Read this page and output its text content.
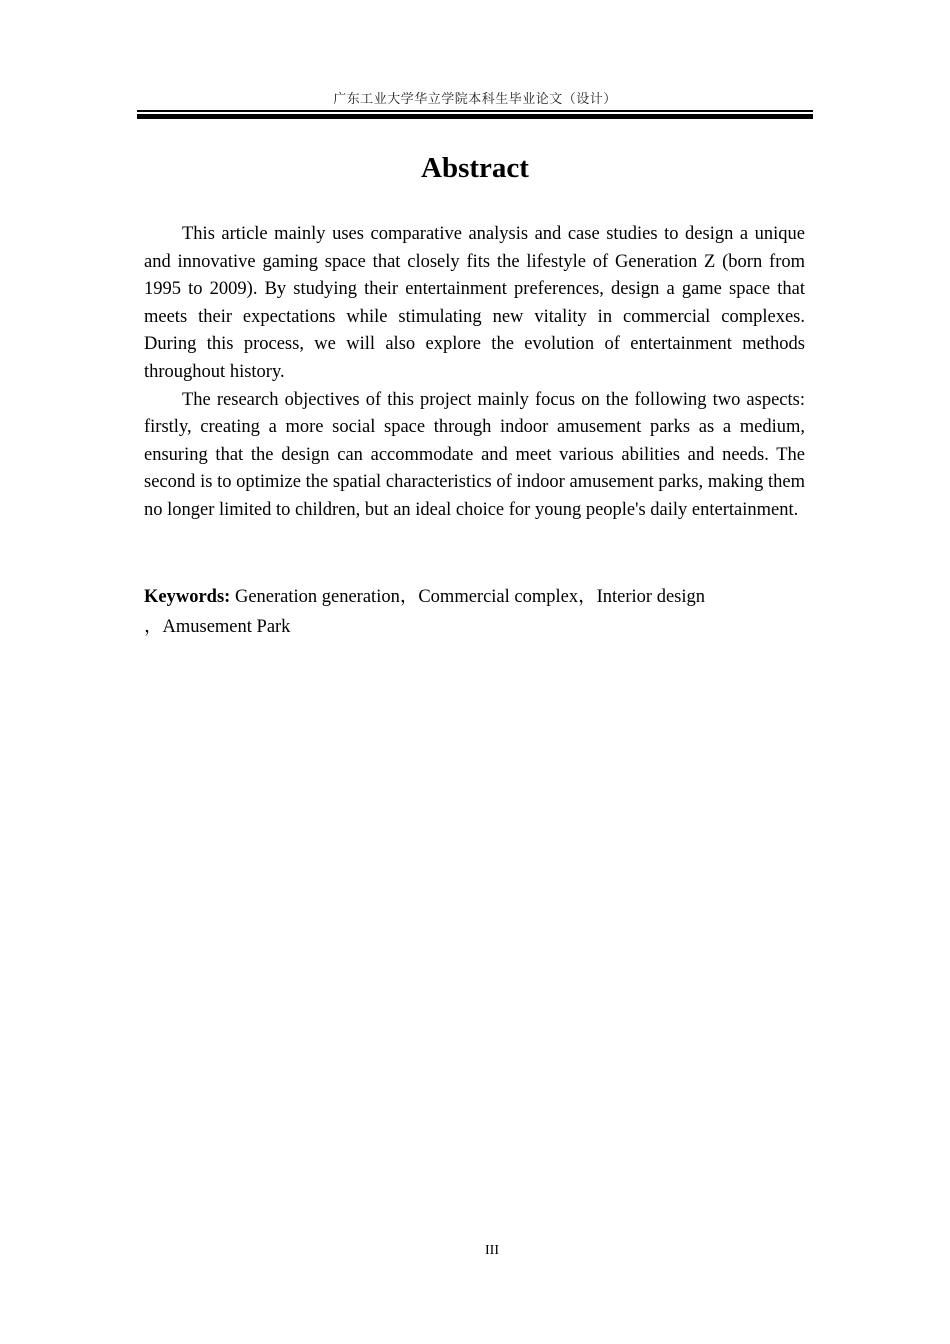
广东工业大学华立学院本科生毕业论文（设计）
Abstract

This article mainly uses comparative analysis and case studies to design a unique and innovative gaming space that closely fits the lifestyle of Generation Z (born from 1995 to 2009). By studying their entertainment preferences, design a game space that meets their expectations while stimulating new vitality in commercial complexes. During this process, we will also explore the evolution of entertainment methods throughout history.

The research objectives of this project mainly focus on the following two aspects: firstly, creating a more social space through indoor amusement parks as a medium, ensuring that the design can accommodate and meet various abilities and needs. The second is to optimize the spatial characteristics of indoor amusement parks, making them no longer limited to children, but an ideal choice for young people's daily entertainment.

Keywords: Generation generation，Commercial complex，Interior design
，Amusement Park
III
